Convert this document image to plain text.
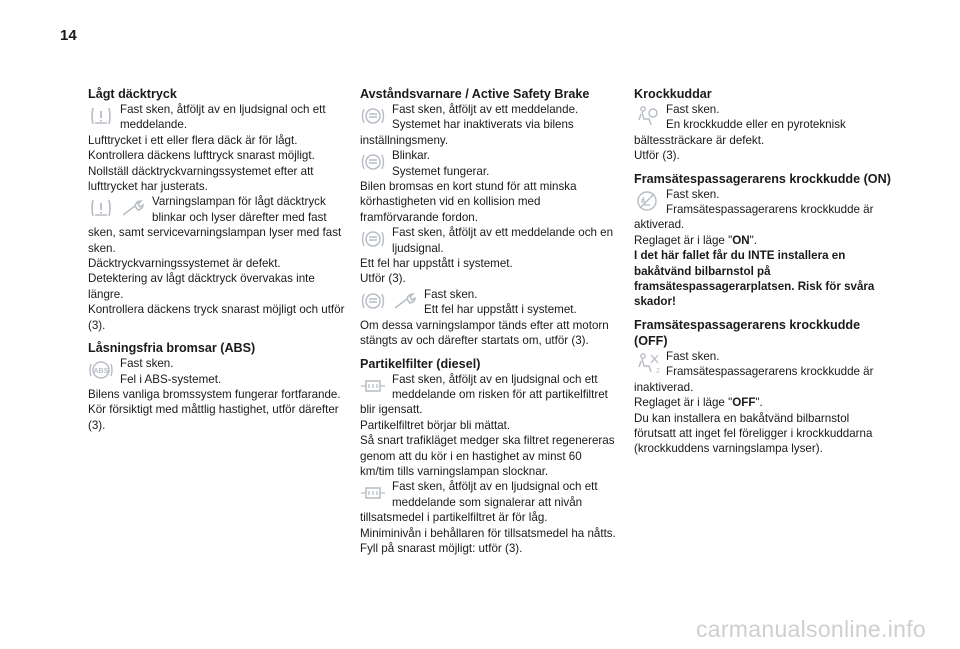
14
Lågt däcktryck

Fast sken, åtföljt av en ljudsignal och ett meddelande.

Lufttrycket i ett eller flera däck är för lågt.

Kontrollera däckens lufttryck snarast möjligt.

Nollställ däcktryckvarningssystemet efter att lufttrycket har justerats.

Varningslampan för lågt däcktryck blinkar och lyser därefter med fast sken, samt servicevarningslampan lyser med fast sken.

Däcktryckvarningssystemet är defekt.

Detektering av lågt däcktryck övervakas inte längre.

Kontrollera däckens tryck snarast möjligt och utför (3).

Låsningsfria bromsar (ABS)
ABS

Fast sken.

Fel i ABS-systemet.

Bilens vanliga bromssystem fungerar fortfarande.

Kör försiktigt med måttlig hastighet, utför därefter (3).

Avståndsvarnare / Active Safety Brake

Fast sken, åtföljt av ett meddelande.

Systemet har inaktiverats via bilens inställningsmeny.

Blinkar.

Systemet fungerar.

Bilen bromsas en kort stund för att minska körhastigheten vid en kollision med framförvarande fordon.

Fast sken, åtföljt av ett meddelande och en ljudsignal.

Ett fel har uppstått i systemet.

Utför (3).

Fast sken.

Ett fel har uppstått i systemet.

Om dessa varningslampor tänds efter att motorn stängts av och därefter startats om, utför (3).

Partikelfilter (diesel)

Fast sken, åtföljt av en ljudsignal och ett meddelande om risken för att partikelfiltret blir igensatt.

Partikelfiltret börjar bli mättat.

Så snart trafikläget medger ska filtret regenereras genom att du kör i en hastighet av minst 60 km/tim tills varningslampan slocknar.

Fast sken, åtföljt av en ljudsignal och ett meddelande som signalerar att nivån tillsatsmedel i partikelfiltret är för låg.

Miniminivån i behållaren för tillsatsmedel ha nåtts.

Fyll på snarast möjligt: utför (3).

Krockkuddar

Fast sken.

En krockkudde eller en pyroteknisk bältessträckare är defekt.

Utför (3).

Framsätespassagerarens krockkudde (ON)

Fast sken.

Framsätespassagerarens krockkudde är aktiverad.

Reglaget är i läge "ON".

I det här fallet får du INTE installera en bakåtvänd bilbarnstol på framsätespassagerarplatsen. Risk för svåra skador!

Framsätespassagerarens krockkudde (OFF)
2

Fast sken.

Framsätespassagerarens krockkudde är inaktiverad.

Reglaget är i läge "OFF".

Du kan installera en bakåtvänd bilbarnstol förutsatt att inget fel föreligger i krockkuddarna (krockkuddens varningslampa lyser).

carmanualsonline.info
